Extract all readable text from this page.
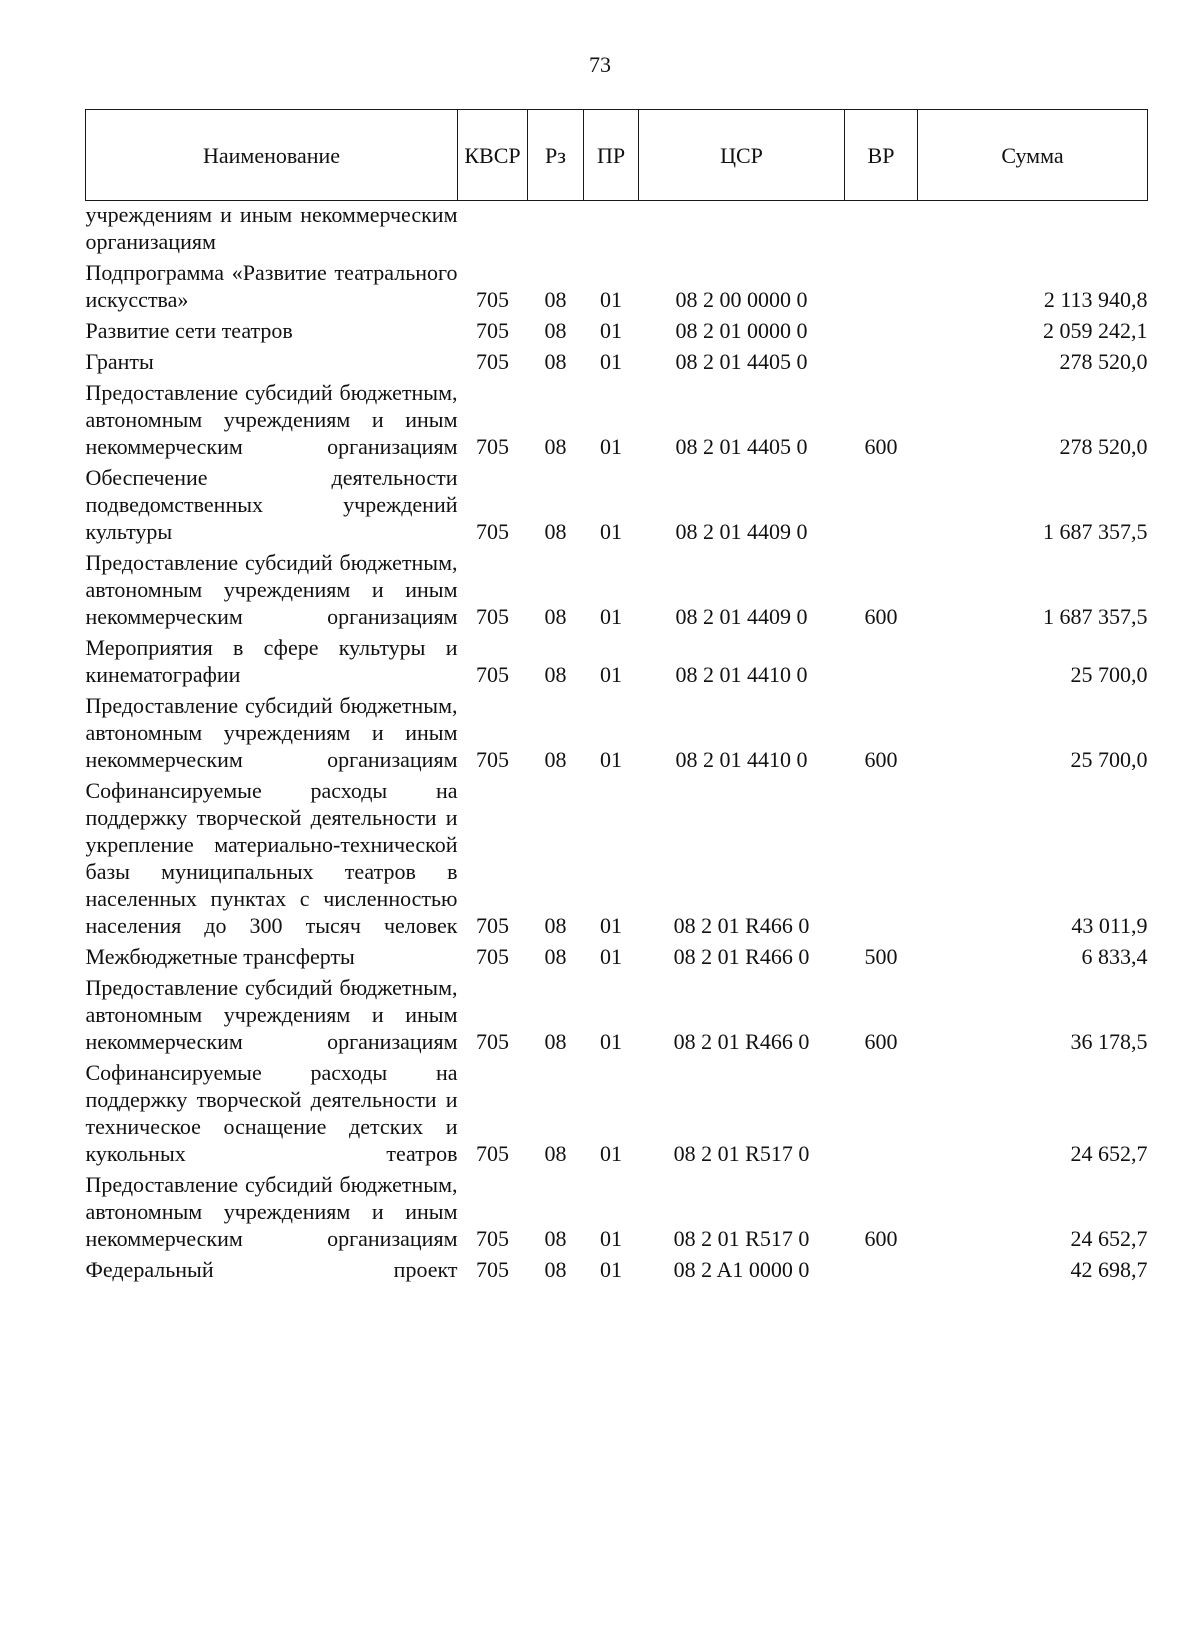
73
Наименование	КВСР	Рз	ПР	ЦСР	ВР	Сумма
учреждениям и иным некоммерческим организациям						
Подпрограмма «Развитие театрального искусства»	705	08	01	08 2 00 0000 0		2 113 940,8
Развитие сети театров	705	08	01	08 2 01 0000 0		2 059 242,1
Гранты	705	08	01	08 2 01 4405 0		278 520,0
Предоставление субсидий бюджетным, автономным учреждениям и иным некоммерческим организациям	705	08	01	08 2 01 4405 0	600	278 520,0
Обеспечение деятельности подведомственных учреждений культуры	705	08	01	08 2 01 4409 0		1 687 357,5
Предоставление субсидий бюджетным, автономным учреждениям и иным некоммерческим организациям	705	08	01	08 2 01 4409 0	600	1 687 357,5
Мероприятия в сфере культуры и кинематографии	705	08	01	08 2 01 4410 0		25 700,0
Предоставление субсидий бюджетным, автономным учреждениям и иным некоммерческим организациям	705	08	01	08 2 01 4410 0	600	25 700,0
Софинансируемые расходы на поддержку творческой деятельности и укрепление материально-технической базы муниципальных театров в населенных пунктах с численностью населения до 300 тысяч человек	705	08	01	08 2 01 R466 0		43 011,9
Межбюджетные трансферты	705	08	01	08 2 01 R466 0	500	6 833,4
Предоставление субсидий бюджетным, автономным учреждениям и иным некоммерческим организациям	705	08	01	08 2 01 R466 0	600	36 178,5
Софинансируемые расходы на поддержку творческой деятельности и техническое оснащение детских и кукольных театров	705	08	01	08 2 01 R517 0		24 652,7
Предоставление субсидий бюджетным, автономным учреждениям и иным некоммерческим организациям	705	08	01	08 2 01 R517 0	600	24 652,7
Федеральный проект	705	08	01	08 2 A1 0000 0		42 698,7
